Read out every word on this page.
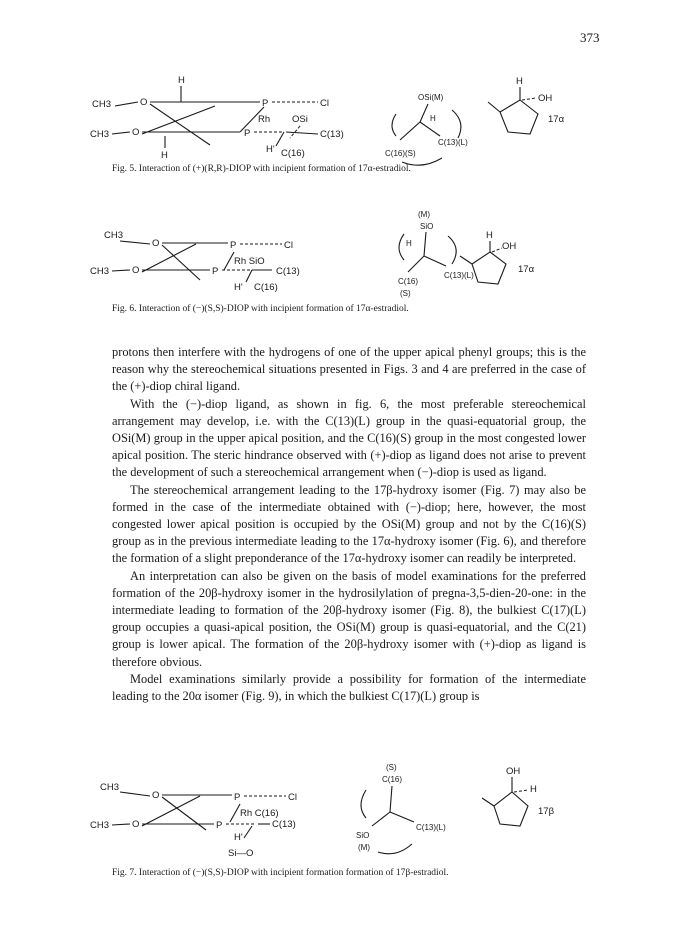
373
H
CH3	O	P	Cl
Rh OSi
CH3 O	P
H
C(13)
H' C(16)
OSi(M)
H
C(16)(S)
C(13)(L)
H
OH
17α
Fig. 5. Interaction of (+)(R,R)-DIOP with incipient formation of 17α-estradiol.
CH3
O	P	Cl
Rh SiO
CH3 O	P	C(13)
H' C(16)
(M)
SiO
H
C(16)
(S)
C(13)(L)
H
OH
17α
Fig. 6. Interaction of (−)(S,S)-DIOP with incipient formation of 17α-estradiol.

protons then interfere with the hydrogens of one of the upper apical phenyl groups; this is the reason why the stereochemical situations presented in Figs. 3 and 4 are preferred in the case of the (+)-diop chiral ligand.

With the (−)-diop ligand, as shown in fig. 6, the most preferable stereochemical arrangement may develop, i.e. with the C(13)(L) group in the quasi-equatorial group, the OSi(M) group in the upper apical position, and the C(16)(S) group in the most congested lower apical position. The steric hindrance observed with (+)-diop as ligand does not arise to prevent the development of such a stereochemical arrangement when (−)-diop is used as ligand.

The stereochemical arrangement leading to the 17β-hydroxy isomer (Fig. 7) may also be formed in the case of the intermediate obtained with (−)-diop; here, however, the most congested lower apical position is occupied by the OSi(M) group and not by the C(16)(S) group as in the previous intermediate leading to the 17α-hydroxy isomer (Fig. 6), and therefore the formation of a slight preponderance of the 17α-hydroxy isomer can readily be interpreted.

An interpretation can also be given on the basis of model examinations for the preferred formation of the 20β-hydroxy isomer in the hydrosilylation of pregna-3,5-dien-20-one: in the intermediate leading to formation of the 20β-hydroxy isomer (Fig. 8), the bulkiest C(17)(L) group occupies a quasi-apical position, the OSi(M) group is quasi-equatorial, and the C(21) group is lower apical. The formation of the 20β-hydroxy isomer with (+)-diop as ligand is therefore obvious.

Model examinations similarly provide a possibility for formation of the intermediate leading to the 20α isomer (Fig. 9), in which the bulkiest C(17)(L) group is

CH3
O	P	Cl
Rh C(16)
CH3 O	P	C(13)
H'
Si—O
(S)
C(16)
SiO
(M)
C(13)(L)
OH
H
17β
Fig. 7. Interaction of (−)(S,S)-DIOP with incipient formation formation of 17β-estradiol.
